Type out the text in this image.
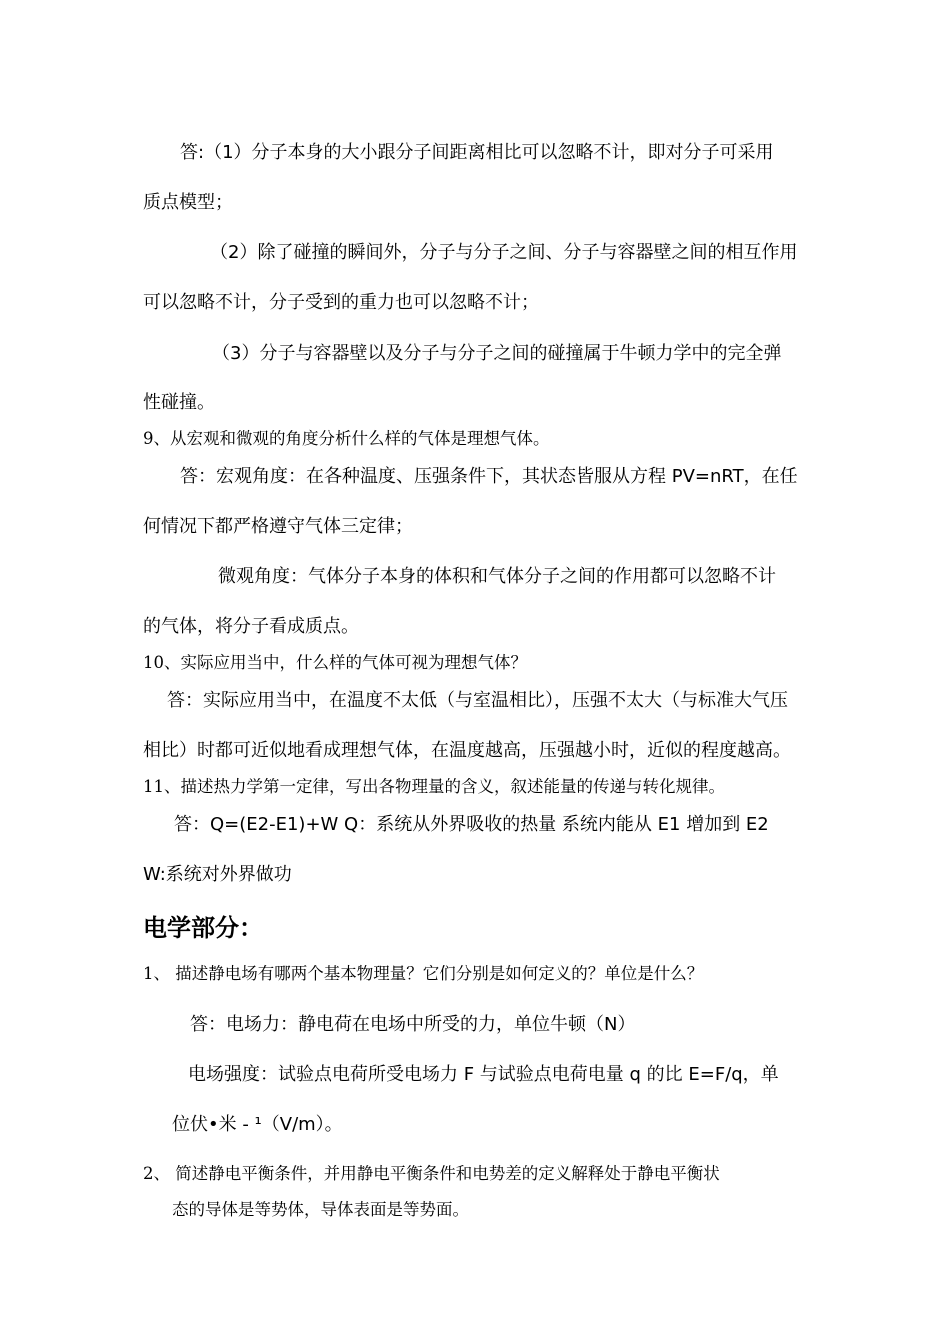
答:（1）分子本身的大小跟分子间距离相比可以忽略不计，即对分子可采用
质点模型；
（2）除了碰撞的瞬间外，分子与分子之间、分子与容器壁之间的相互作用
可以忽略不计，分子受到的重力也可以忽略不计；
（3）分子与容器壁以及分子与分子之间的碰撞属于牛顿力学中的完全弹
性碰撞。
9、从宏观和微观的角度分析什么样的气体是理想气体。
答：宏观角度：在各种温度、压强条件下，其状态皆服从方程 PV=nRT，在任
何情况下都严格遵守气体三定律；
微观角度：气体分子本身的体积和气体分子之间的作用都可以忽略不计
的气体，将分子看成质点。
10、实际应用当中，什么样的气体可视为理想气体？
答：实际应用当中，在温度不太低（与室温相比），压强不太大（与标准大气压
相比）时都可近似地看成理想气体，在温度越高，压强越小时，近似的程度越高。
11、描述热力学第一定律，写出各物理量的含义，叙述能量的传递与转化规律。
答：Q=(E2-E1)+W Q：系统从外界吸收的热量 系统内能从 E1 增加到 E2
W:系统对外界做功
电学部分：
1、 描述静电场有哪两个基本物理量？它们分别是如何定义的？单位是什么？
答：电场力：静电荷在电场中所受的力，单位牛顿（N）
电场强度：试验点电荷所受电场力 F 与试验点电荷电量 q 的比 E=F/q，单
位伏•米 - ¹（V/m）。
2、 简述静电平衡条件，并用静电平衡条件和电势差的定义解释处于静电平衡状
态的导体是等势体，导体表面是等势面。
